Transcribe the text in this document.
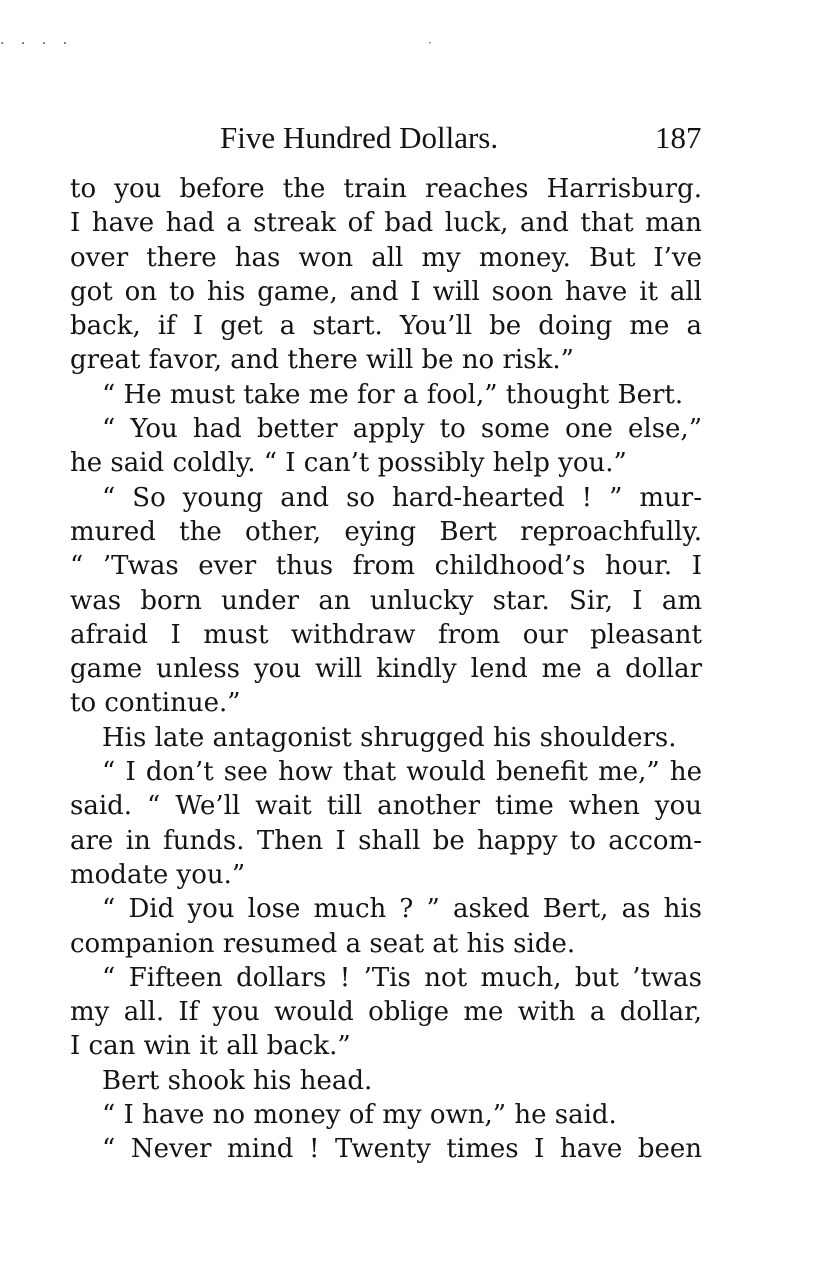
· · · ·	·
Five Hundred Dollars.	187
to you before the train reaches Harrisburg.
I have had a streak of bad luck, and that man
over there has won all my money. But I’ve
got on to his game, and I will soon have it all
back, if I get a start. You’ll be doing me a
great favor, and there will be no risk.”
“ He must take me for a fool,” thought Bert.
“ You had better apply to some one else,”
he said coldly. “ I can’t possibly help you.”
“ So young and so hard-hearted ! ” mur-
mured the other, eying Bert reproachfully.
“ ’Twas ever thus from childhood’s hour. I
was born under an unlucky star. Sir, I am
afraid I must withdraw from our pleasant
game unless you will kindly lend me a dollar
to continue.”
His late antagonist shrugged his shoulders.
“ I don’t see how that would benefit me,” he
said. “ We’ll wait till another time when you
are in funds. Then I shall be happy to accom-
modate you.”
“ Did you lose much ? ” asked Bert, as his
companion resumed a seat at his side.
“ Fifteen dollars ! ’Tis not much, but ’twas
my all. If you would oblige me with a dollar,
I can win it all back.”
Bert shook his head.
“ I have no money of my own,” he said.
“ Never mind ! Twenty times I have been
